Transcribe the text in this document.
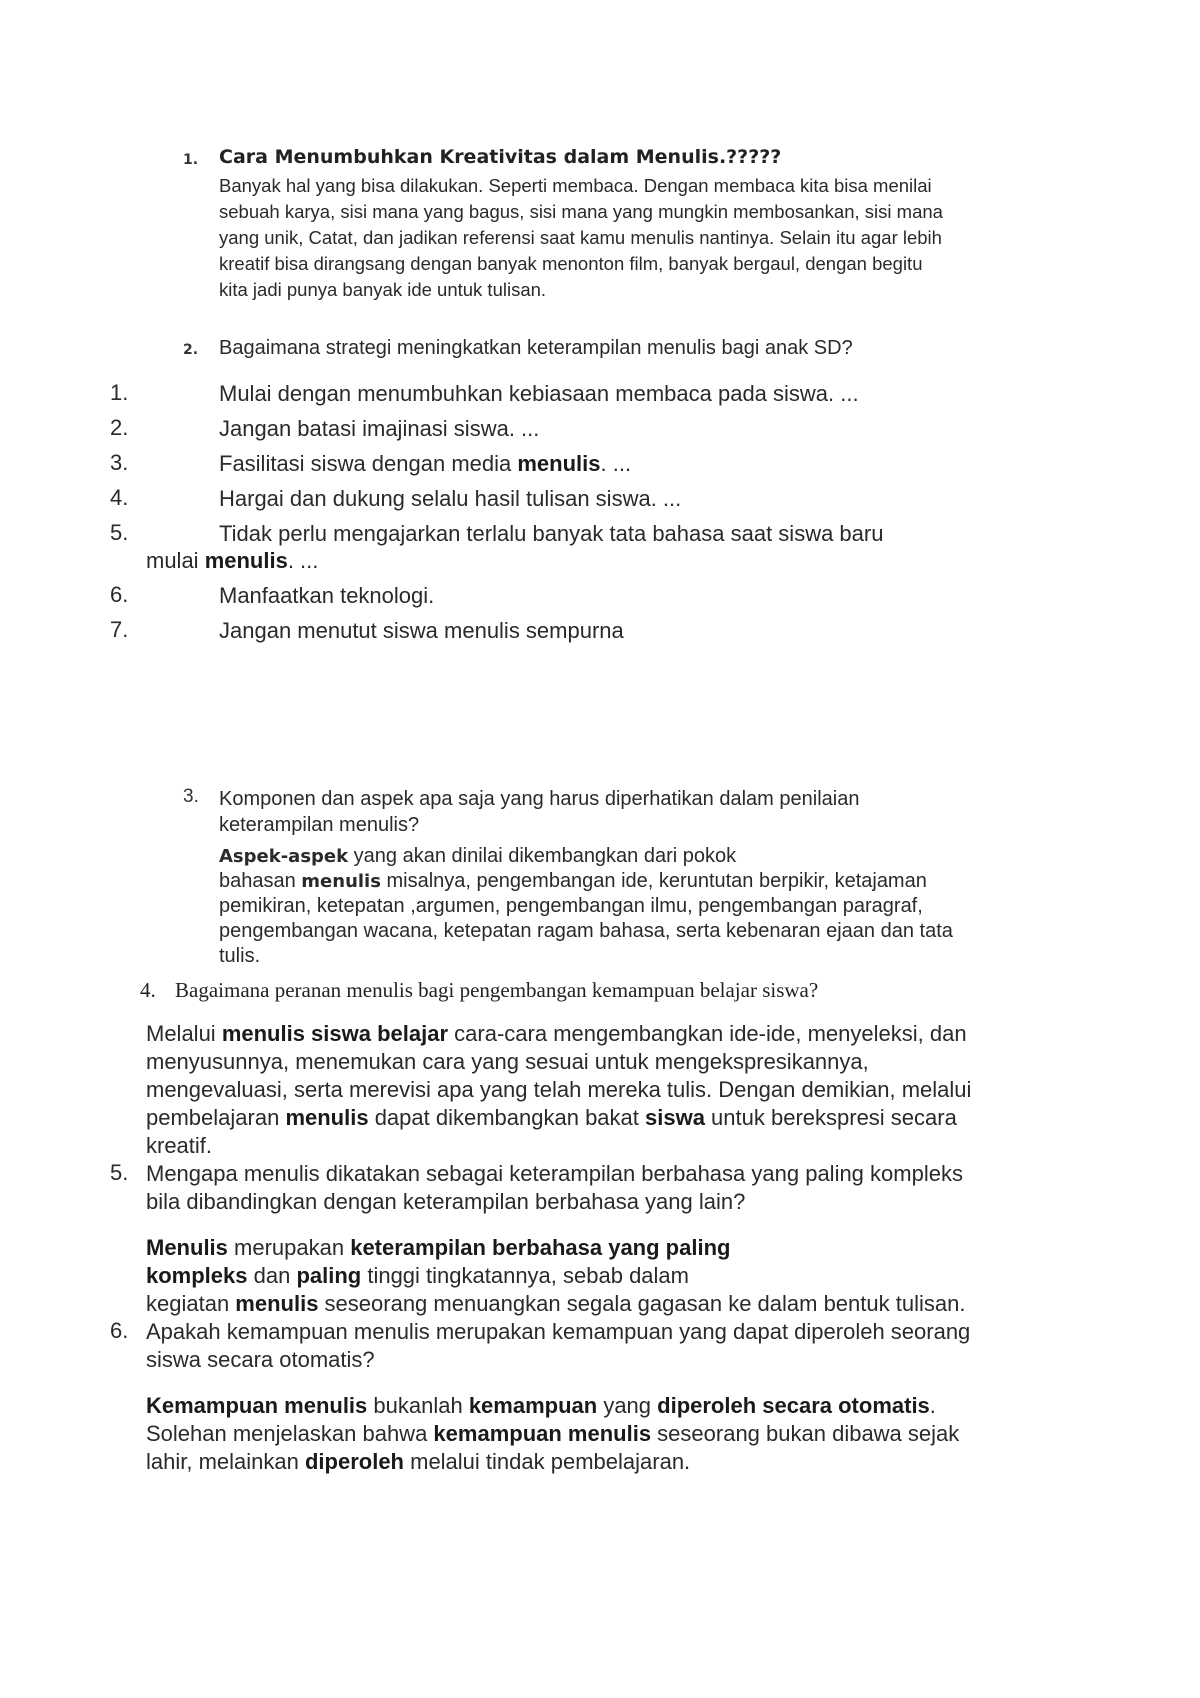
1. Cara Menumbuhkan Kreativitas dalam Menulis.?????
Banyak hal yang bisa dilakukan. Seperti membaca. Dengan membaca kita bisa menilai
sebuah karya, sisi mana yang bagus, sisi mana yang mungkin membosankan, sisi mana
yang unik, Catat, dan jadikan referensi saat kamu menulis nantinya. Selain itu agar lebih
kreatif bisa dirangsang dengan banyak menonton film, banyak bergaul, dengan begitu
kita jadi punya banyak ide untuk tulisan.
2. Bagaimana strategi meningkatkan keterampilan menulis bagi anak SD?
1.	Mulai dengan menumbuhkan kebiasaan membaca pada siswa. ...
2.	Jangan batasi imajinasi siswa. ...
3.	Fasilitasi siswa dengan media menulis. ...
4.	Hargai dan dukung selalu hasil tulisan siswa. ...
5.	Tidak perlu mengajarkan terlalu banyak tata bahasa saat siswa baru
mulai menulis. ...
6.	Manfaatkan teknologi.
7.	Jangan menutut siswa menulis sempurna
3. Komponen dan aspek apa saja yang harus diperhatikan dalam penilaian
keterampilan menulis?
Aspek-aspek yang akan dinilai dikembangkan dari pokok
bahasan menulis misalnya, pengembangan ide, keruntutan berpikir, ketajaman
pemikiran, ketepatan ,argumen, pengembangan ilmu, pengembangan paragraf,
pengembangan wacana, ketepatan ragam bahasa, serta kebenaran ejaan dan tata
tulis.
4. Bagaimana peranan menulis bagi pengembangan kemampuan belajar siswa?
Melalui menulis siswa belajar cara-cara mengembangkan ide-ide, menyeleksi, dan
menyusunnya, menemukan cara yang sesuai untuk mengekspresikannya,
mengevaluasi, serta merevisi apa yang telah mereka tulis. Dengan demikian, melalui
pembelajaran menulis dapat dikembangkan bakat siswa untuk berekspresi secara
kreatif.
5. Mengapa menulis dikatakan sebagai keterampilan berbahasa yang paling kompleks
bila dibandingkan dengan keterampilan berbahasa yang lain?
Menulis merupakan keterampilan berbahasa yang paling
kompleks dan paling tinggi tingkatannya, sebab dalam
kegiatan menulis seseorang menuangkan segala gagasan ke dalam bentuk tulisan.
6. Apakah kemampuan menulis merupakan kemampuan yang dapat diperoleh seorang
siswa secara otomatis?
Kemampuan menulis bukanlah kemampuan yang diperoleh secara otomatis.
Solehan menjelaskan bahwa kemampuan menulis seseorang bukan dibawa sejak
lahir, melainkan diperoleh melalui tindak pembelajaran.
